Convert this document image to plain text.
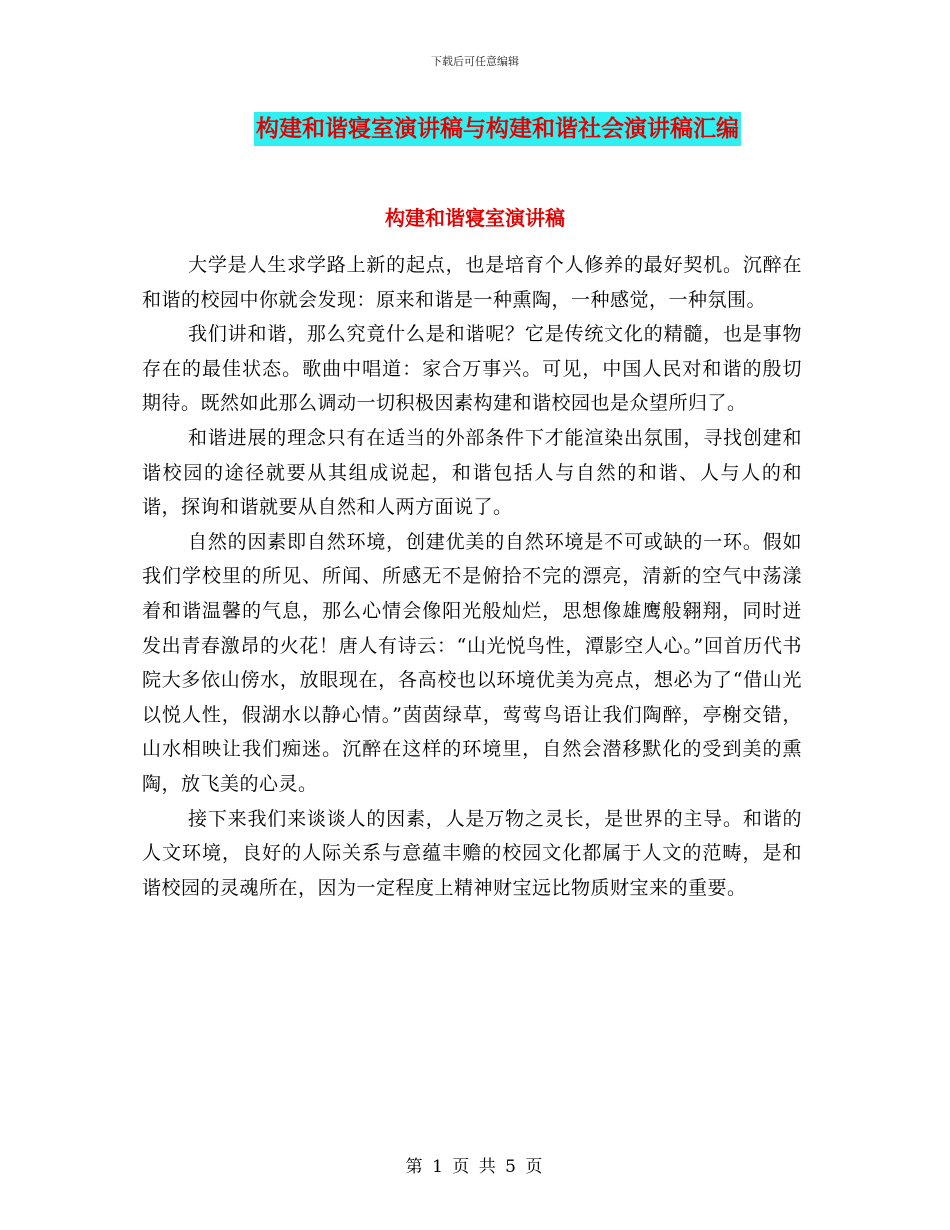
下载后可任意编辑
构建和谐寝室演讲稿与构建和谐社会演讲稿汇编
构建和谐寝室演讲稿

大学是人生求学路上新的起点，也是培育个人修养的最好契机。沉醉在和谐的校园中你就会发现：原来和谐是一种熏陶，一种感觉，一种氛围。

我们讲和谐，那么究竟什么是和谐呢？它是传统文化的精髓，也是事物存在的最佳状态。歌曲中唱道：家合万事兴。可见，中国人民对和谐的殷切期待。既然如此那么调动一切积极因素构建和谐校园也是众望所归了。

和谐进展的理念只有在适当的外部条件下才能渲染出氛围，寻找创建和谐校园的途径就要从其组成说起，和谐包括人与自然的和谐、人与人的和谐，探询和谐就要从自然和人两方面说了。

自然的因素即自然环境，创建优美的自然环境是不可或缺的一环。假如我们学校里的所见、所闻、所感无不是俯拾不完的漂亮，清新的空气中荡漾着和谐温馨的气息，那么心情会像阳光般灿烂，思想像雄鹰般翱翔，同时迸发出青春激昂的火花！唐人有诗云：“山光悦鸟性，潭影空人心。”回首历代书院大多依山傍水，放眼现在，各高校也以环境优美为亮点，想必为了“借山光以悦人性，假湖水以静心情。”茵茵绿草，莺莺鸟语让我们陶醉，亭榭交错，山水相映让我们痴迷。沉醉在这样的环境里，自然会潜移默化的受到美的熏陶，放飞美的心灵。

接下来我们来谈谈人的因素，人是万物之灵长，是世界的主导。和谐的人文环境，良好的人际关系与意蕴丰赡的校园文化都属于人文的范畴，是和谐校园的灵魂所在，因为一定程度上精神财宝远比物质财宝来的重要。

第 1 页 共 5 页
